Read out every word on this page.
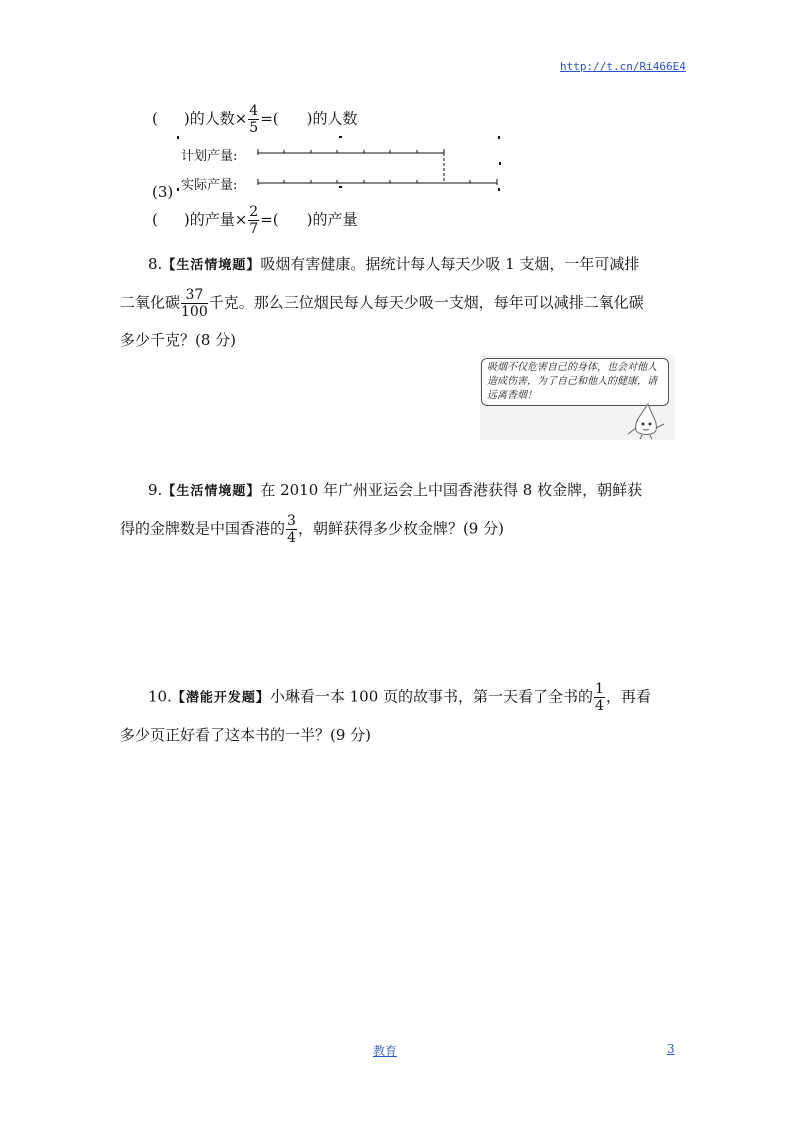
http://t.cn/Ri466E4
( )的人数× $\frac{4}{5}$ =( )的人数
计划产量:
实际产量:
(3)
( )的产量× $\frac{2}{7}$ =( )的产量
8.【生活情境题】吸烟有害健康。据统计每人每天少吸 1 支烟，一年可减排
二氧化碳 $\frac{37}{100}$ 千克。那么三位烟民每人每天少吸一支烟，每年可以减排二氧化碳
多少千克？(8 分)
吸烟不仅危害自己的身体，也会对他人造成伤害，为了自己和他人的健康，请远离香烟！
9.【生活情境题】在 2010 年广州亚运会上中国香港获得 8 枚金牌，朝鲜获
得的金牌数是中国香港的 $\frac{3}{4}$ ，朝鲜获得多少枚金牌？(9 分)
10.【潜能开发题】小琳看一本 100 页的故事书，第一天看了全书的 $\frac{1}{4}$ ，再看
多少页正好看了这本书的一半？(9 分)
教育	3
